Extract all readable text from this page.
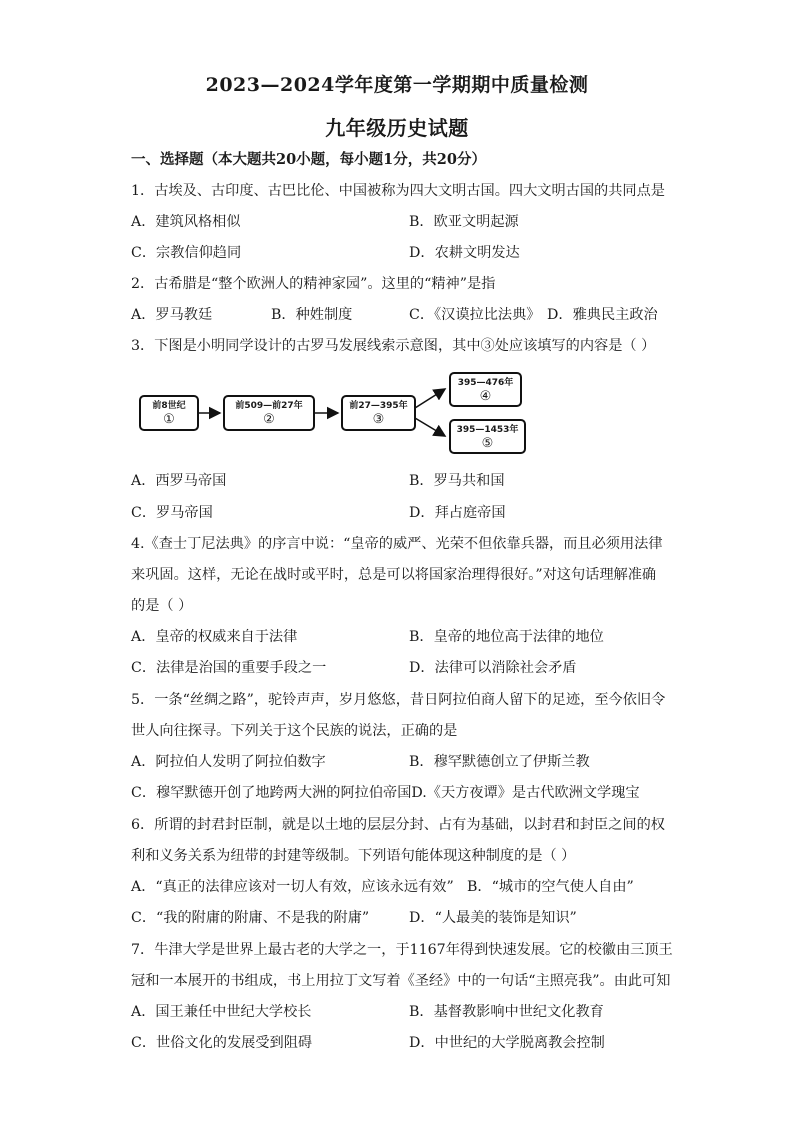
2023—2024学年度第一学期期中质量检测
九年级历史试题
一、选择题（本大题共20小题，每小题1分，共20分）
1．古埃及、古印度、古巴比伦、中国被称为四大文明古国。四大文明古国的共同点是
A．建筑风格相似	B．欧亚文明起源
C．宗教信仰趋同	D．农耕文明发达
2．古希腊是“整个欧洲人的精神家园”。这里的“精神”是指
A．罗马教廷	B．种姓制度	C．《汉谟拉比法典》 D．雅典民主政治
3．下图是小明同学设计的古罗马发展线索示意图，其中③处应该填写的内容是（ ）
前8世纪
①
前509—前27年
②
前27—395年
③
395—476年
④
395—1453年
⑤
A．西罗马帝国	B．罗马共和国
C．罗马帝国	D．拜占庭帝国
4.《查士丁尼法典》的序言中说：“皇帝的威严、光荣不但依靠兵器，而且必须用法律
来巩固。这样，无论在战时或平时，总是可以将国家治理得很好。”对这句话理解准确
的是（ ）
A．皇帝的权威来自于法律	B．皇帝的地位高于法律的地位
C．法律是治国的重要手段之一	D．法律可以消除社会矛盾
5．一条“丝绸之路”，驼铃声声，岁月悠悠，昔日阿拉伯商人留下的足迹，至今依旧令
世人向往探寻。下列关于这个民族的说法，正确的是
A．阿拉伯人发明了阿拉伯数字	B．穆罕默德创立了伊斯兰教
C．穆罕默德开创了地跨两大洲的阿拉伯帝国D.《天方夜谭》是古代欧洲文学瑰宝
6．所谓的封君封臣制，就是以土地的层层分封、占有为基础，以封君和封臣之间的权
利和义务关系为纽带的封建等级制。下列语句能体现这种制度的是（ ）
A．“真正的法律应该对一切人有效，应该永远有效” B．“城市的空气使人自由”
C．“我的附庸的附庸、不是我的附庸”	D．“人最美的装饰是知识”
7．牛津大学是世界上最古老的大学之一，于1167年得到快速发展。它的校徽由三顶王
冠和一本展开的书组成，书上用拉丁文写着《圣经》中的一句话“主照亮我”。由此可知
A．国王兼任中世纪大学校长	B．基督教影响中世纪文化教育
C．世俗文化的发展受到阻碍	D．中世纪的大学脱离教会控制
